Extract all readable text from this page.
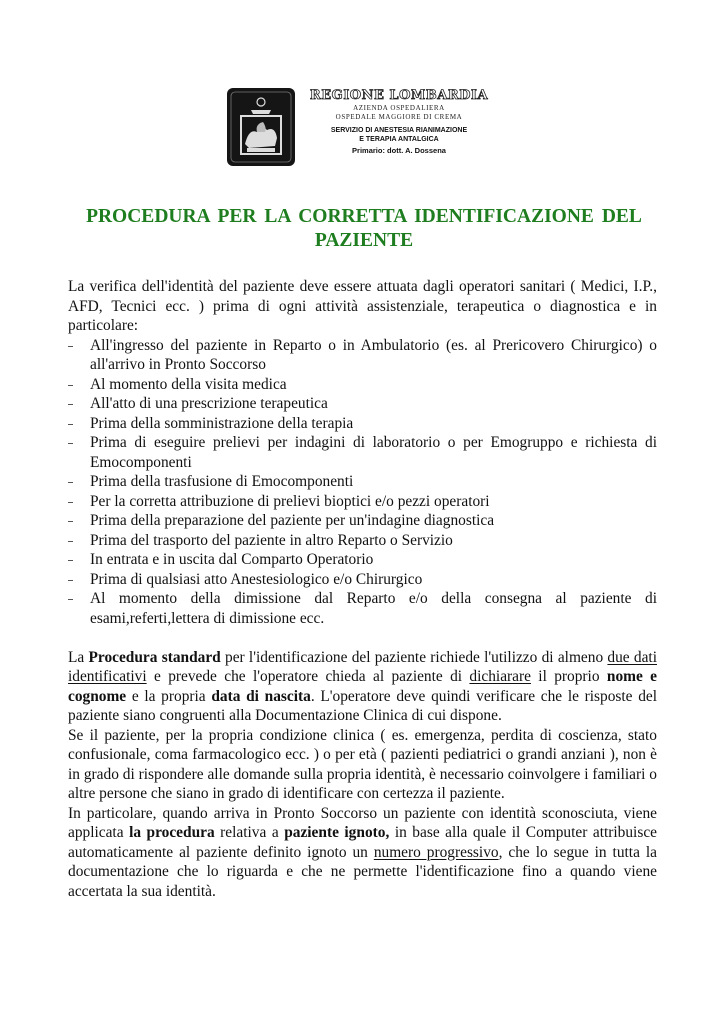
REGIONE LOMBARDIA
AZIENDA OSPEDALIERA
OSPEDALE MAGGIORE DI CREMA
SERVIZIO DI ANESTESIA RIANIMAZIONE
E TERAPIA ANTALGICA
Primario: dott. A. Dossena
PROCEDURA PER LA CORRETTA IDENTIFICAZIONE DEL PAZIENTE

La verifica dell'identità del paziente deve essere attuata dagli operatori sanitari ( Medici, I.P., AFD, Tecnici ecc. ) prima di ogni attività assistenziale, terapeutica o diagnostica e in particolare:

All'ingresso del paziente in Reparto o in Ambulatorio (es. al Prericovero Chirurgico) o all'arrivo in Pronto Soccorso
Al momento della visita medica
All'atto di una prescrizione terapeutica
Prima della somministrazione della terapia
Prima di eseguire prelievi per indagini di laboratorio o per Emogruppo e richiesta di Emocomponenti
Prima della trasfusione di Emocomponenti
Per la corretta attribuzione di prelievi bioptici e/o pezzi operatori
Prima della preparazione del paziente per un'indagine diagnostica
Prima del trasporto del paziente in altro Reparto o Servizio
In entrata e in uscita dal Comparto Operatorio
Prima di qualsiasi atto Anestesiologico e/o Chirurgico
Al momento della dimissione dal Reparto e/o della consegna al paziente di esami,referti,lettera di dimissione ecc.

La Procedura standard per l'identificazione del paziente richiede l'utilizzo di almeno due dati identificativi e prevede che l'operatore chieda al paziente di dichiarare il proprio nome e cognome e la propria data di nascita. L'operatore deve quindi verificare che le risposte del paziente siano congruenti alla Documentazione Clinica di cui dispone.

Se il paziente, per la propria condizione clinica ( es. emergenza, perdita di coscienza, stato confusionale, coma farmacologico ecc. ) o per età ( pazienti pediatrici o grandi anziani ), non è in grado di rispondere alle domande sulla propria identità, è necessario coinvolgere i familiari o altre persone che siano in grado di identificare con certezza il paziente.

In particolare, quando arriva in Pronto Soccorso un paziente con identità sconosciuta, viene applicata la procedura relativa a paziente ignoto, in base alla quale il Computer attribuisce automaticamente al paziente definito ignoto un numero progressivo, che lo segue in tutta la documentazione che lo riguarda e che ne permette l'identificazione fino a quando viene accertata la sua identità.
